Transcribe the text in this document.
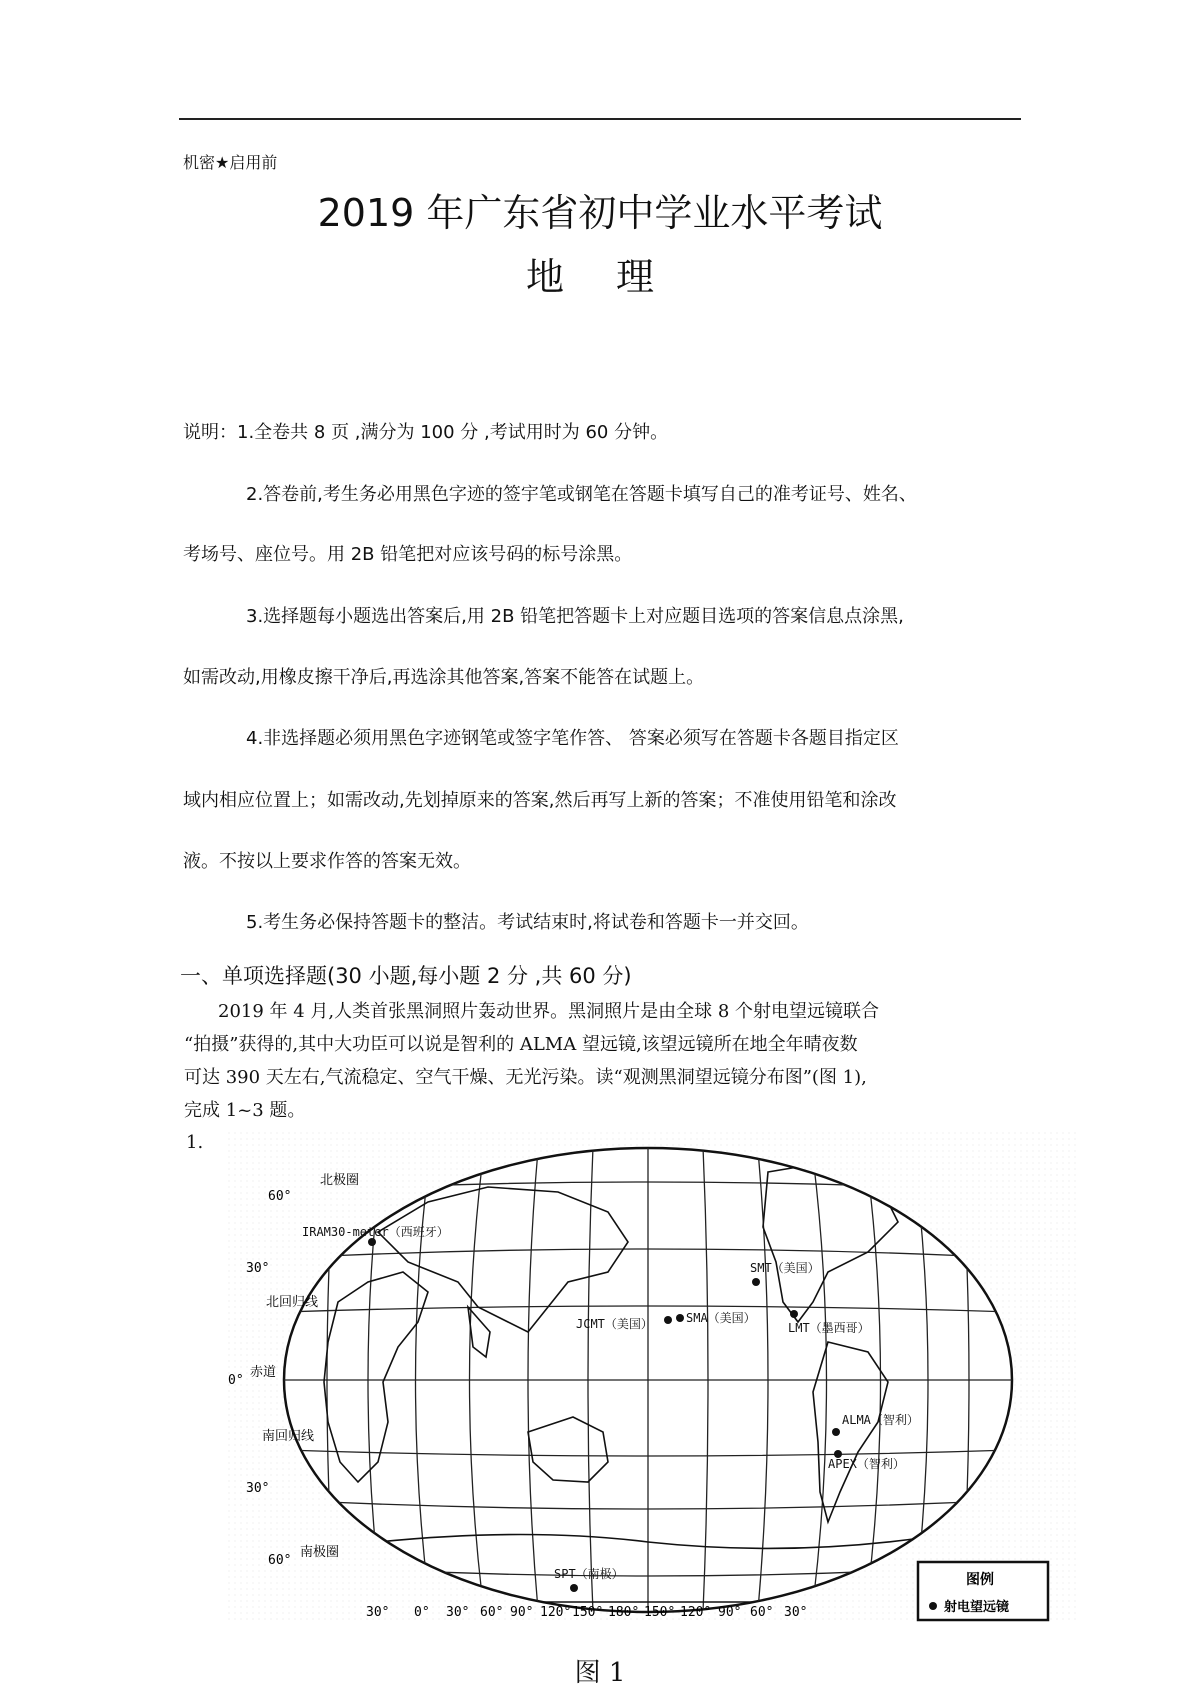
机密★启用前
2019 年广东省初中学业水平考试
地 理
说明：1.全卷共 8 页 ,满分为 100 分 ,考试用时为 60 分钟。
2.答卷前,考生务必用黑色字迹的签宇笔或钢笔在答题卡填写自己的准考证号、姓名、
考场号、座位号。用 2B 铅笔把对应该号码的标号涂黑。
3.选择题每小题选出答案后,用 2B 铅笔把答题卡上对应题目选项的答案信息点涂黑,
如需改动,用橡皮擦干净后,再选涂其他答案,答案不能答在试题上。
4.非选择题必须用黑色字迹钢笔或签字笔作答、 答案必须写在答题卡各题目指定区
域内相应位置上；如需改动,先划掉原来的答案,然后再写上新的答案；不准使用铅笔和涂改
液。不按以上要求作答的答案无效。
5.考生务必保持答题卡的整洁。考试结束时,将试卷和答题卡一并交回。
一、单项选择题(30 小题,每小题 2 分 ,共 60 分)
2019 年 4 月,人类首张黑洞照片轰动世界。黑洞照片是由全球 8 个射电望远镜联合
“拍摄”获得的,其中大功臣可以说是智利的 ALMA 望远镜,该望远镜所在地全年晴夜数
可达 390 天左右,气流稳定、空气干燥、无光污染。读“观测黑洞望远镜分布图”(图 1),
完成 1~3 题。
1.
60°
30°
0°
30°
60°
北极圈
北回归线
赤道
南回归线
南极圈
IRAM30-meter（西班牙）
SMT（美国）
JCMT（美国）	SMA（美国）
LMT（墨西哥）
ALMA（智利）
APEX（智利）
SPT（南极）
30° 0° 30° 60° 90° 120° 150° 180° 150° 120° 90° 60° 30°
图例
射电望远镜
图 1
